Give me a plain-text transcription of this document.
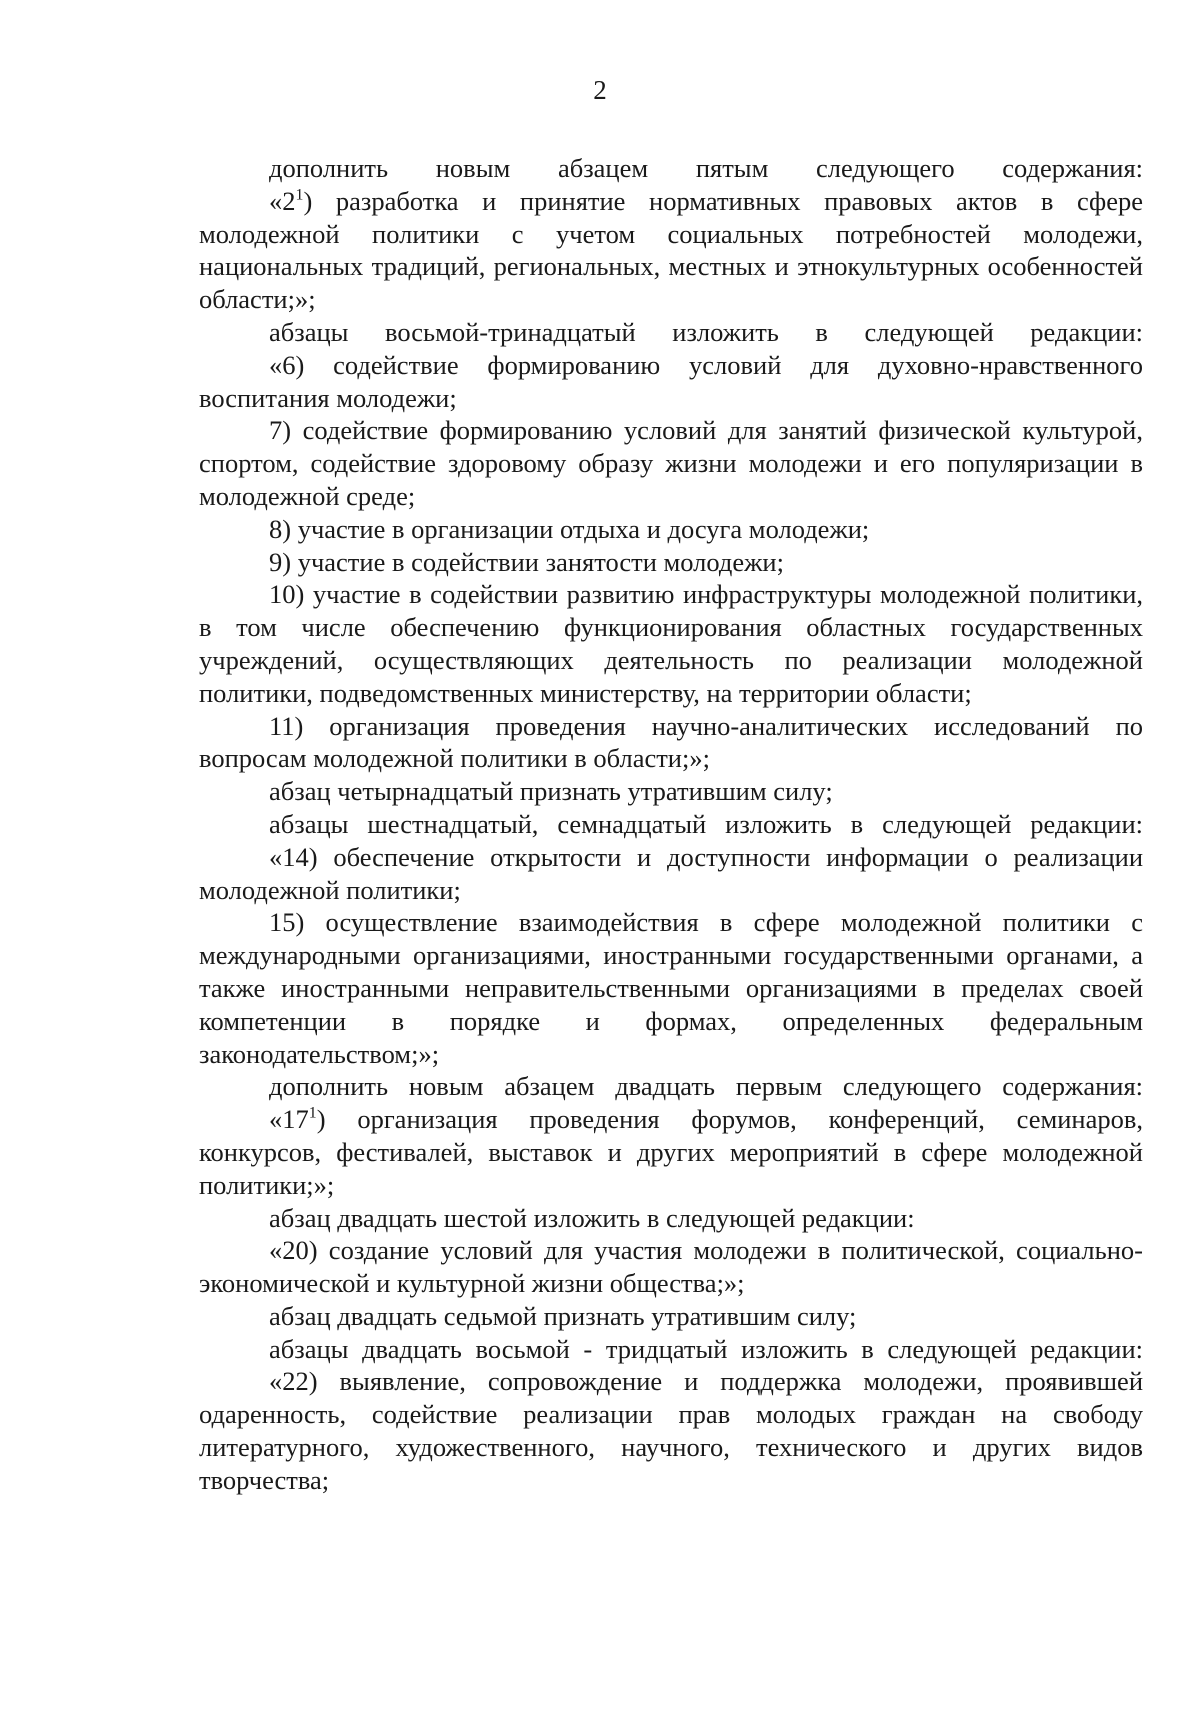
2

дополнить новым абзацем пятым следующего содержания:

«$2^1$) разработка и принятие нормативных правовых актов в сфере молодежной политики с учетом социальных потребностей молодежи, национальных традиций, региональных, местных и этнокультурных особенностей области;»;

абзацы восьмой-тринадцатый изложить в следующей редакции:

«6) содействие формированию условий для духовно-нравственного воспитания молодежи;

7) содействие формированию условий для занятий физической культурой, спортом, содействие здоровому образу жизни молодежи и его популяризации в молодежной среде;

8) участие в организации отдыха и досуга молодежи;

9) участие в содействии занятости молодежи;

10) участие в содействии развитию инфраструктуры молодежной политики, в том числе обеспечению функционирования областных государственных учреждений, осуществляющих деятельность по реализации молодежной политики, подведомственных министерству, на территории области;

11) организация проведения научно-аналитических исследований по вопросам молодежной политики в области;»;

абзац четырнадцатый признать утратившим силу;

абзацы шестнадцатый, семнадцатый изложить в следующей редакции:

«14) обеспечение открытости и доступности информации о реализации молодежной политики;

15) осуществление взаимодействия в сфере молодежной политики с международными организациями, иностранными государственными органами, а также иностранными неправительственными организациями в пределах своей компетенции в порядке и формах, определенных федеральным законодательством;»;

дополнить новым абзацем двадцать первым следующего содержания:

«$17^1$) организация проведения форумов, конференций, семинаров, конкурсов, фестивалей, выставок и других мероприятий в сфере молодежной политики;»;

абзац двадцать шестой изложить в следующей редакции:

«20) создание условий для участия молодежи в политической, социально-экономической и культурной жизни общества;»;

абзац двадцать седьмой признать утратившим силу;

абзацы двадцать восьмой - тридцатый изложить в следующей редакции:

«22) выявление, сопровождение и поддержка молодежи, проявившей одаренность, содействие реализации прав молодых граждан на свободу литературного, художественного, научного, технического и других видов творчества;
